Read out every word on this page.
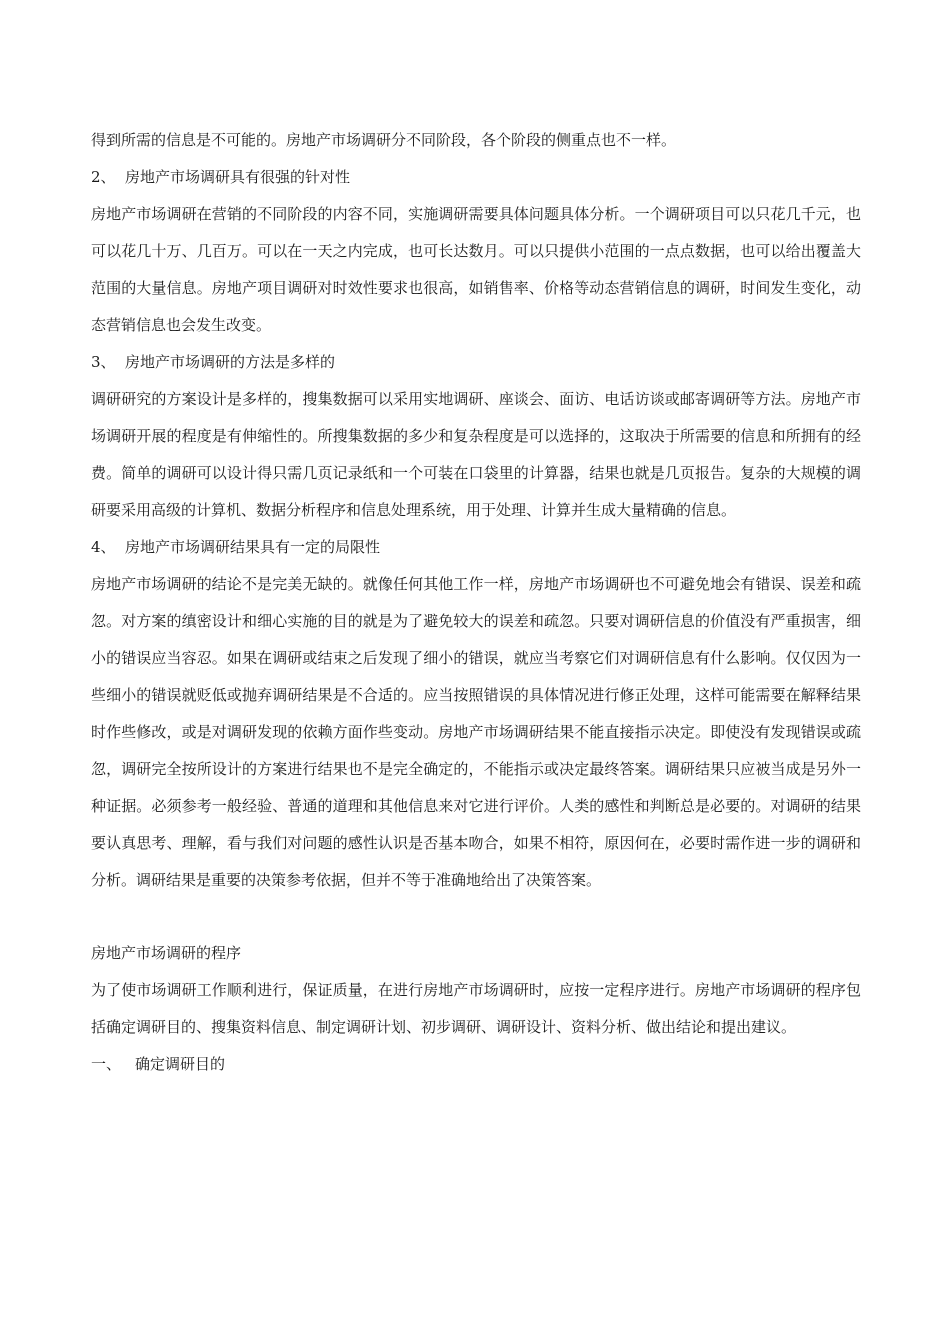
得到所需的信息是不可能的。房地产市场调研分不同阶段，各个阶段的侧重点也不一样。

2、 房地产市场调研具有很强的针对性

房地产市场调研在营销的不同阶段的内容不同，实施调研需要具体问题具体分析。一个调研项目可以只花几千元，也可以花几十万、几百万。可以在一天之内完成，也可长达数月。可以只提供小范围的一点点数据，也可以给出覆盖大范围的大量信息。房地产项目调研对时效性要求也很高，如销售率、价格等动态营销信息的调研，时间发生变化，动态营销信息也会发生改变。

3、 房地产市场调研的方法是多样的

调研研究的方案设计是多样的，搜集数据可以采用实地调研、座谈会、面访、电话访谈或邮寄调研等方法。房地产市场调研开展的程度是有伸缩性的。所搜集数据的多少和复杂程度是可以选择的，这取决于所需要的信息和所拥有的经费。简单的调研可以设计得只需几页记录纸和一个可装在口袋里的计算器，结果也就是几页报告。复杂的大规模的调研要采用高级的计算机、数据分析程序和信息处理系统，用于处理、计算并生成大量精确的信息。

4、 房地产市场调研结果具有一定的局限性

房地产市场调研的结论不是完美无缺的。就像任何其他工作一样，房地产市场调研也不可避免地会有错误、误差和疏忽。对方案的缜密设计和细心实施的目的就是为了避免较大的误差和疏忽。只要对调研信息的价值没有严重损害，细小的错误应当容忍。如果在调研或结束之后发现了细小的错误，就应当考察它们对调研信息有什么影响。仅仅因为一些细小的错误就贬低或抛弃调研结果是不合适的。应当按照错误的具体情况进行修正处理，这样可能需要在解释结果时作些修改，或是对调研发现的依赖方面作些变动。房地产市场调研结果不能直接指示决定。即使没有发现错误或疏忽，调研完全按所设计的方案进行结果也不是完全确定的，不能指示或决定最终答案。调研结果只应被当成是另外一种证据。必须参考一般经验、普通的道理和其他信息来对它进行评价。人类的感性和判断总是必要的。对调研的结果要认真思考、理解，看与我们对问题的感性认识是否基本吻合，如果不相符，原因何在，必要时需作进一步的调研和分析。调研结果是重要的决策参考依据，但并不等于准确地给出了决策答案。

房地产市场调研的程序

为了使市场调研工作顺利进行，保证质量，在进行房地产市场调研时，应按一定程序进行。房地产市场调研的程序包括确定调研目的、搜集资料信息、制定调研计划、初步调研、调研设计、资料分析、做出结论和提出建议。

一、 确定调研目的
